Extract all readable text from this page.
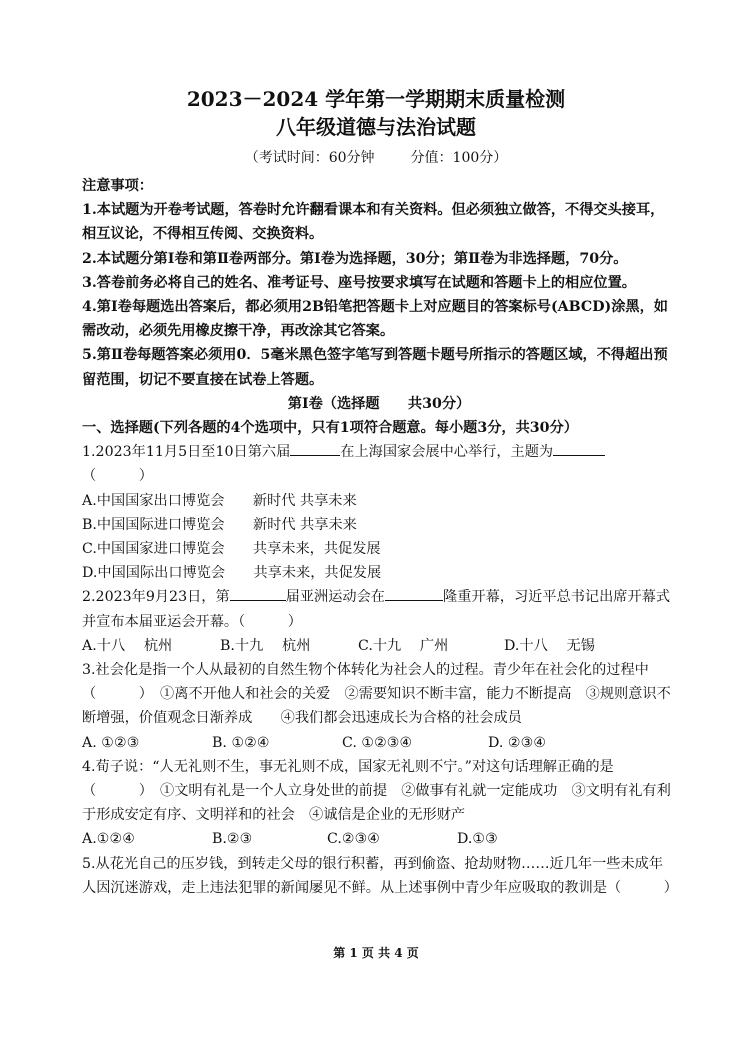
2023－2024 学年第一学期期末质量检测
八年级道德与法治试题
（考试时间：60分钟	分值：100分）

注意事项：

1.本试题为开卷考试题，答卷时允许翻看课本和有关资料。但必须独立做答，不得交头接耳，相互议论，不得相互传阅、交换资料。

2.本试题分第Ⅰ卷和第Ⅱ卷两部分。第Ⅰ卷为选择题，30分；第Ⅱ卷为非选择题，70分。

3.答卷前务必将自己的姓名、准考证号、座号按要求填写在试题和答题卡上的相应位置。

4.第Ⅰ卷每题选出答案后，都必须用2B铅笔把答题卡上对应题目的答案标号(ABCD)涂黑，如需改动，必须先用橡皮擦干净，再改涂其它答案。

5.第Ⅱ卷每题答案必须用0．5毫米黑色签字笔写到答题卡题号所指示的答题区域，不得超出预留范围，切记不要直接在试卷上答题。

第Ⅰ卷（选择题　　共30分）

一、选择题(下列各题的4个选项中，只有1项符合题意。每小题3分，共30分）

1.2023年11月5日至10日第六届	在上海国家会展中心举行，主题为（　　　）

A.中国国家出口博览会　　新时代 共享未来

B.中国国际进口博览会　　新时代 共享未来

C.中国国家进口博览会　　共享未来，共促发展

D.中国国际出口博览会　　共享未来，共促发展

2.2023年9月23日，第	届亚洲运动会在	隆重开幕，习近平总书记出席开幕式并宣布本届亚运会开幕。（　　　）

A.十八　 杭州	B.十九　 杭州	C.十九　 广州	D.十八　 无锡

3.社会化是指一个人从最初的自然生物个体转化为社会人的过程。青少年在社会化的过程中（　　　）　①离不开他人和社会的关爱　②需要知识不断丰富，能力不断提高　③规则意识不断增强，价值观念日渐养成　　④我们都会迅速成长为合格的社会成员

A. ①②③	B. ①②④	C. ①②③④	D. ②③④

4.荀子说：“人无礼则不生，事无礼则不成，国家无礼则不宁。”对这句话理解正确的是（　　　）　①文明有礼是一个人立身处世的前提　②做事有礼就一定能成功　③文明有礼有利于形成安定有序、文明祥和的社会　④诚信是企业的无形财产

A.①②④	B.②③	C.②③④	D.①③

5.从花光自己的压岁钱，到转走父母的银行积蓄，再到偷盗、抢劫财物……近几年一些未成年人因沉迷游戏，走上违法犯罪的新闻屡见不鲜。从上述事例中青少年应吸取的教训是（　　　）

第 1 页 共 4 页
